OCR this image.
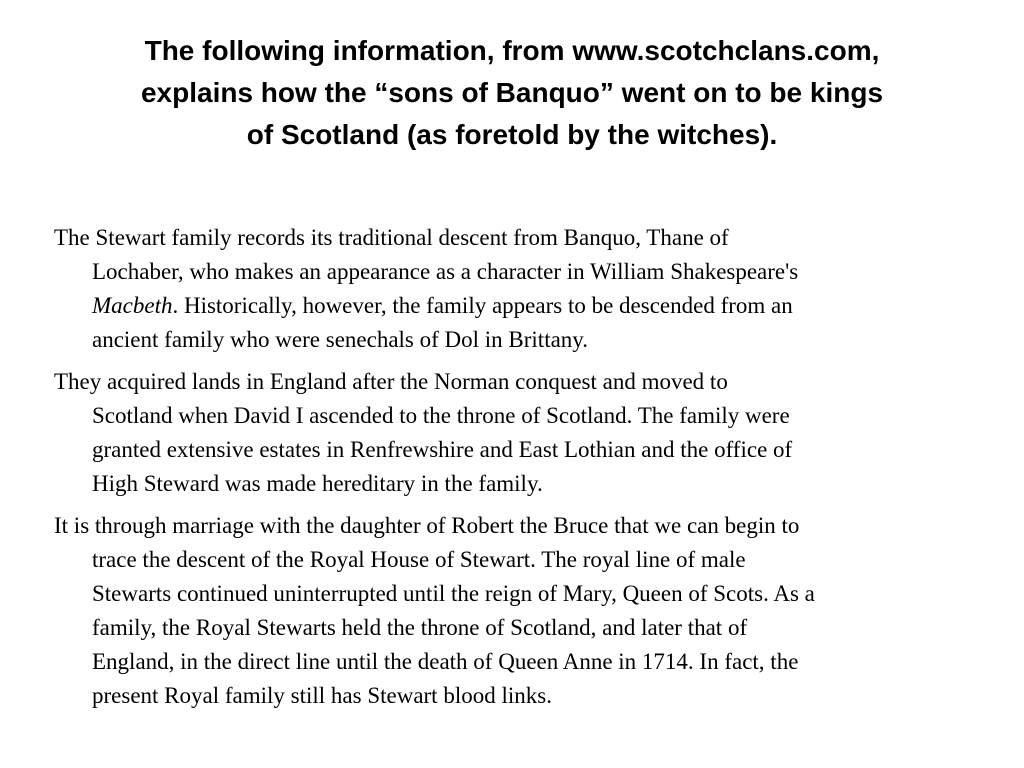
The following information, from www.scotchclans.com,
explains how the “sons of Banquo” went on to be kings
of Scotland (as foretold by the witches).

The Stewart family records its traditional descent from Banquo, Thane of
Lochaber, who makes an appearance as a character in William Shakespeare's
Macbeth. Historically, however, the family appears to be descended from an
ancient family who were senechals of Dol in Brittany.

They acquired lands in England after the Norman conquest and moved to
Scotland when David I ascended to the throne of Scotland. The family were
granted extensive estates in Renfrewshire and East Lothian and the office of
High Steward was made hereditary in the family.

It is through marriage with the daughter of Robert the Bruce that we can begin to
trace the descent of the Royal House of Stewart. The royal line of male
Stewarts continued uninterrupted until the reign of Mary, Queen of Scots. As a
family, the Royal Stewarts held the throne of Scotland, and later that of
England, in the direct line until the death of Queen Anne in 1714. In fact, the
present Royal family still has Stewart blood links.
